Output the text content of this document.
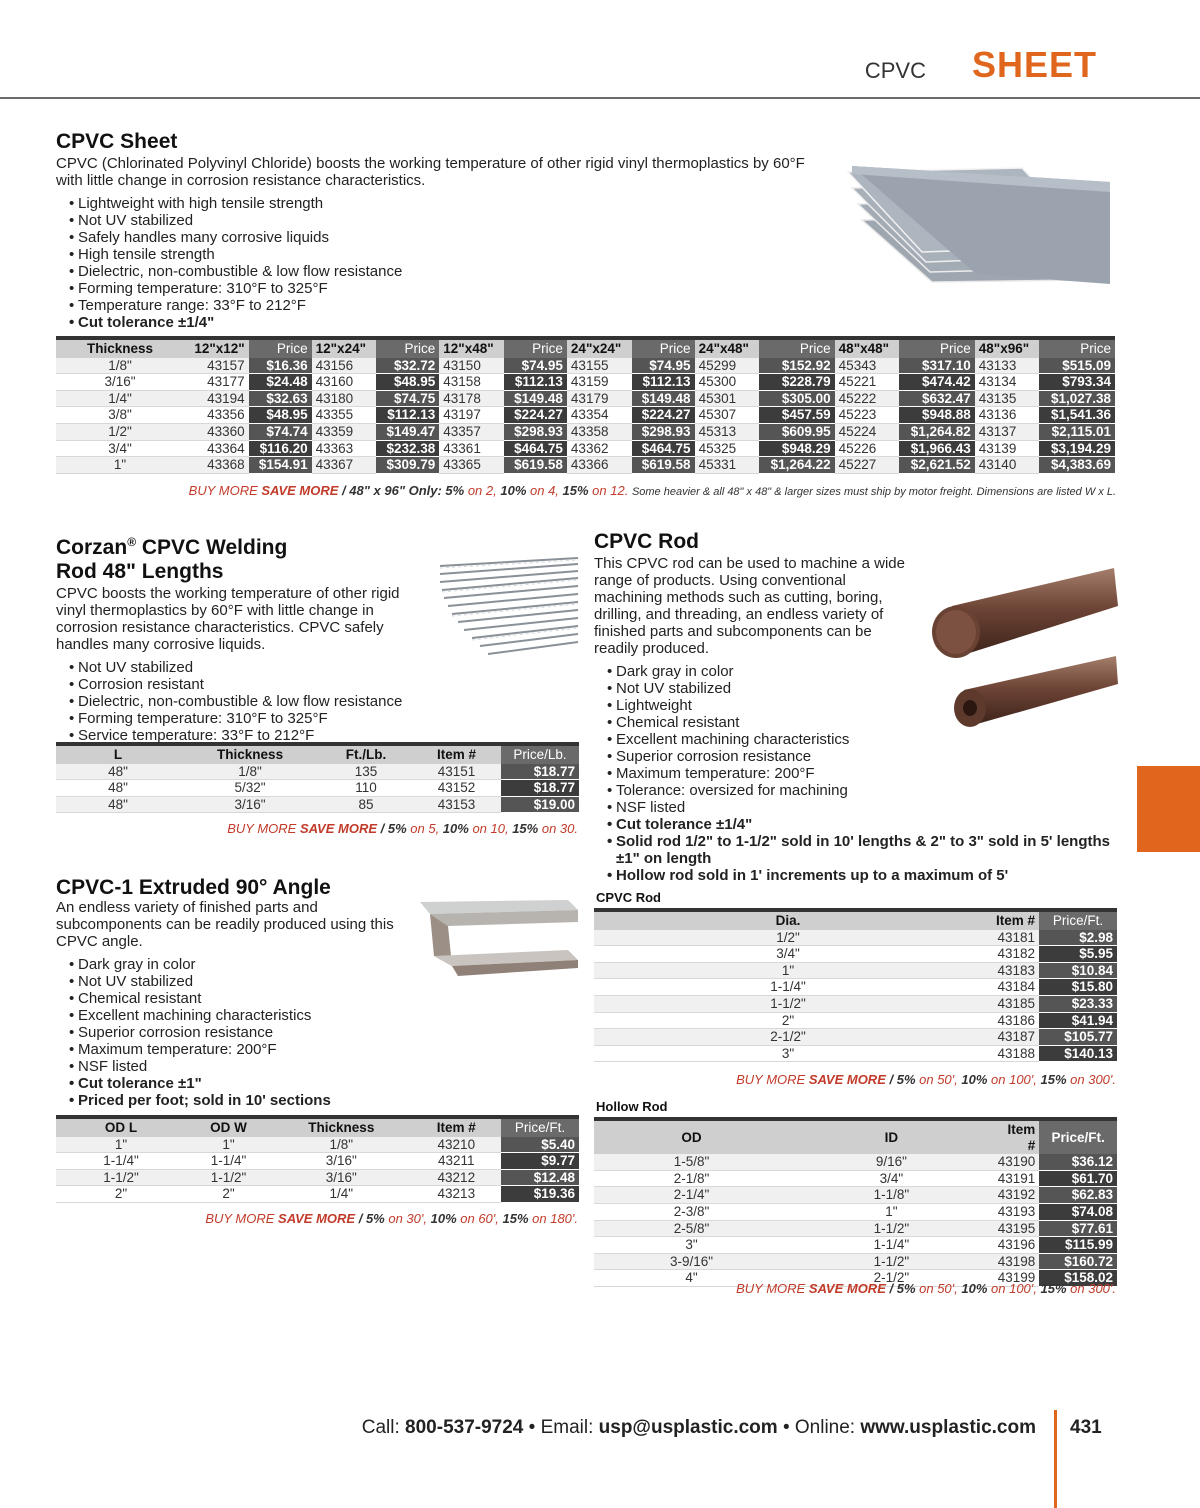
CPVC SHEET
CPVC Sheet

CPVC (Chlorinated Polyvinyl Chloride) boosts the working temperature of other rigid vinyl thermoplastics by 60°F with little change in corrosion resistance characteristics.

• Lightweight with high tensile strength
• Not UV stabilized
• Safely handles many corrosive liquids
• High tensile strength
• Dielectric, non-combustible & low flow resistance
• Forming temperature: 310°F to 325°F
• Temperature range: 33°F to 212°F
• Cut tolerance ±1/4"
Thickness	12"x12"	Price	12"x24"	Price	12"x48"	Price	24"x24"	Price	24"x48"	Price	48"x48"	Price	48"x96"	Price
1/8"	43157	$16.36	43156	$32.72	43150	$74.95	43155	$74.95	45299	$152.92	45343	$317.10	43133	$515.09
3/16"	43177	$24.48	43160	$48.95	43158	$112.13	43159	$112.13	45300	$228.79	45221	$474.42	43134	$793.34
1/4"	43194	$32.63	43180	$74.75	43178	$149.48	43179	$149.48	45301	$305.00	45222	$632.47	43135	$1,027.38
3/8"	43356	$48.95	43355	$112.13	43197	$224.27	43354	$224.27	45307	$457.59	45223	$948.88	43136	$1,541.36
1/2"	43360	$74.74	43359	$149.47	43357	$298.93	43358	$298.93	45313	$609.95	45224	$1,264.82	43137	$2,115.01
3/4"	43364	$116.20	43363	$232.38	43361	$464.75	43362	$464.75	45325	$948.29	45226	$1,966.43	43139	$3,194.29
1"	43368	$154.91	43367	$309.79	43365	$619.58	43366	$619.58	45331	$1,264.22	45227	$2,621.52	43140	$4,383.69
BUY MORE SAVE MORE / 48" x 96" Only: 5% on 2, 10% on 4, 15% on 12. Some heavier & all 48" x 48" & larger sizes must ship by motor freight. Dimensions are listed W x L.
Corzan® CPVC Welding
Rod 48" Lengths

CPVC boosts the working temperature of other rigid vinyl thermoplastics by 60°F with little change in corrosion resistance characteristics. CPVC safely handles many corrosive liquids.

• Not UV stabilized
• Corrosion resistant
• Dielectric, non-combustible & low flow resistance
• Forming temperature: 310°F to 325°F
• Service temperature: 33°F to 212°F
L	Thickness	Ft./Lb.	Item #	Price/Lb.
48"	1/8"	135	43151	$18.77
48"	5/32"	110	43152	$18.77
48"	3/16"	85	43153	$19.00
BUY MORE SAVE MORE / 5% on 5, 10% on 10, 15% on 30.
CPVC-1 Extruded 90° Angle

An endless variety of finished parts and subcomponents can be readily produced using this CPVC angle.

• Dark gray in color
• Not UV stabilized
• Chemical resistant
• Excellent machining characteristics
• Superior corrosion resistance
• Maximum temperature: 200°F
• NSF listed
• Cut tolerance ±1"
• Priced per foot; sold in 10' sections
OD L	OD W	Thickness	Item #	Price/Ft.
1"	1"	1/8"	43210	$5.40
1-1/4"	1-1/4"	3/16"	43211	$9.77
1-1/2"	1-1/2"	3/16"	43212	$12.48
2"	2"	1/4"	43213	$19.36
BUY MORE SAVE MORE / 5% on 30', 10% on 60', 15% on 180'.
CPVC Rod

This CPVC rod can be used to machine a wide range of products. Using conventional machining methods such as cutting, boring, drilling, and threading, an endless variety of finished parts and subcomponents can be readily produced.

• Dark gray in color
• Not UV stabilized
• Lightweight
• Chemical resistant
• Excellent machining characteristics
• Superior corrosion resistance
• Maximum temperature: 200°F
• Tolerance: oversized for machining
• NSF listed
• Cut tolerance ±1/4"
• Solid rod 1/2" to 1-1/2" sold in 10' lengths & 2" to 3" sold in 5' lengths ±1" on length
• Hollow rod sold in 1' increments up to a maximum of 5'
CPVC Rod
Dia.	Item #	Price/Ft.
1/2"	43181	$2.98
3/4"	43182	$5.95
1"	43183	$10.84
1-1/4"	43184	$15.80
1-1/2"	43185	$23.33
2"	43186	$41.94
2-1/2"	43187	$105.77
3"	43188	$140.13
BUY MORE SAVE MORE / 5% on 50', 10% on 100', 15% on 300'.
Hollow Rod
OD	ID	Item #	Price/Ft.
1-5/8"	9/16"	43190	$36.12
2-1/8"	3/4"	43191	$61.70
2-1/4"	1-1/8"	43192	$62.83
2-3/8"	1"	43193	$74.08
2-5/8"	1-1/2"	43195	$77.61
3"	1-1/4"	43196	$115.99
3-9/16"	1-1/2"	43198	$160.72
4"	2-1/2"	43199	$158.02
BUY MORE SAVE MORE / 5% on 50', 10% on 100', 15% on 300'.
Call: 800-537-9724 • Email: usp@usplastic.com • Online: www.usplastic.com 431
